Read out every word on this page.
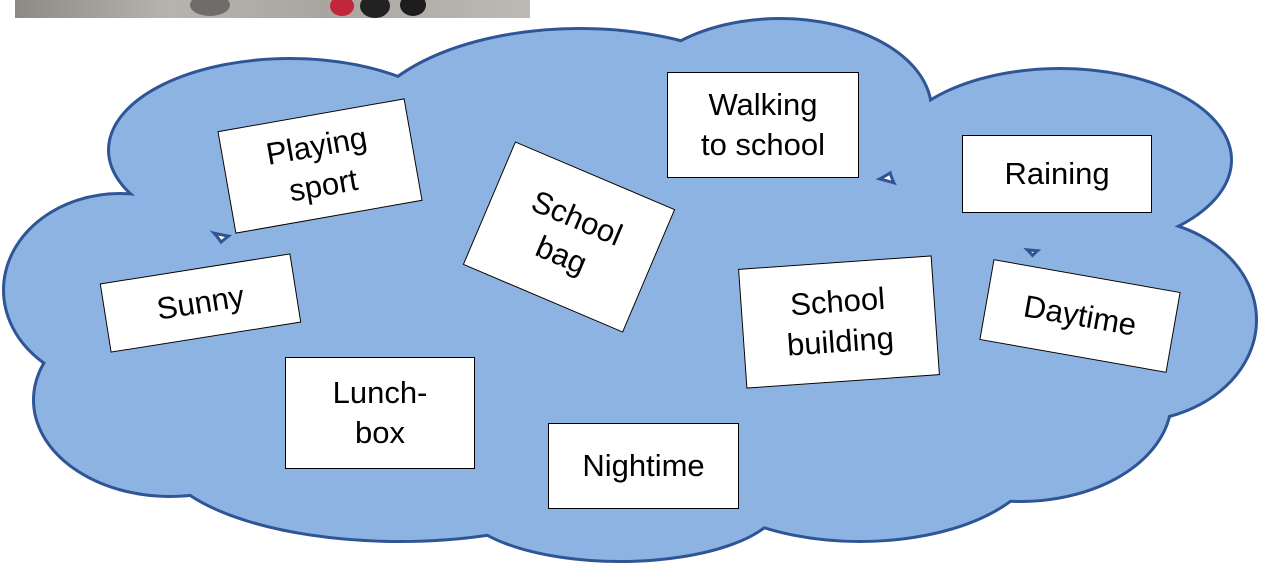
Playing
sport
Walking
to school
Raining
School
bag
Sunny	School
building	Daytime
Lunch-
box
Nightime
